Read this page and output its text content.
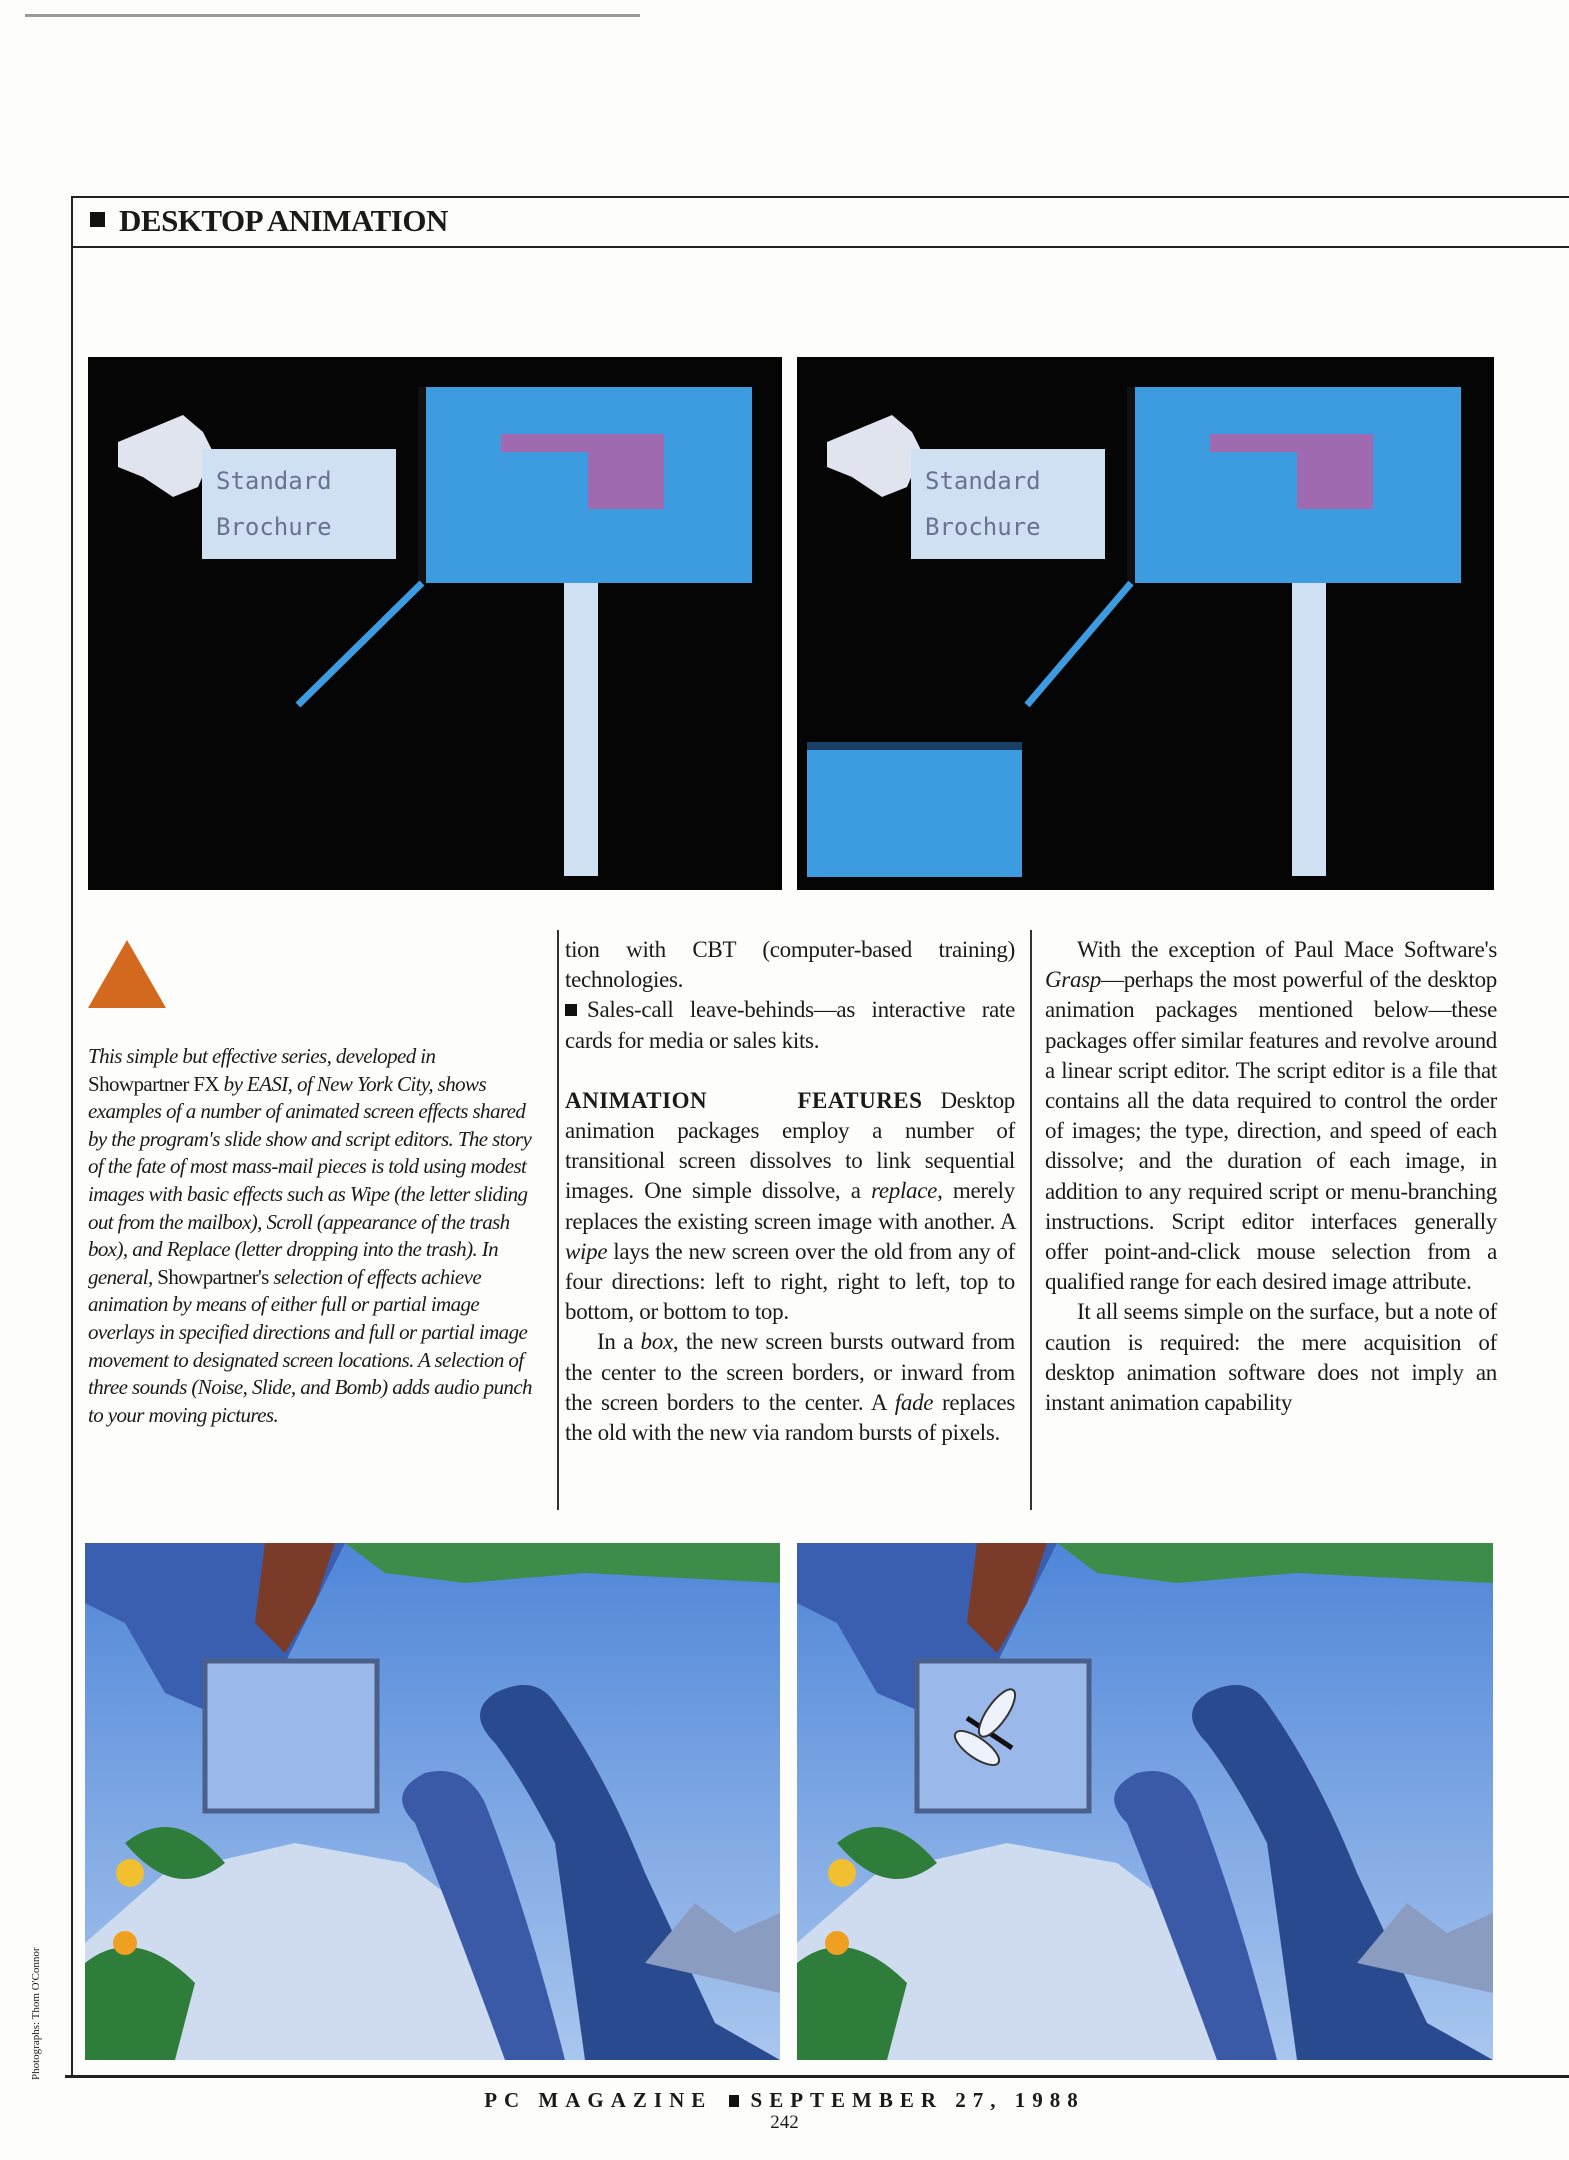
DESKTOP ANIMATION
Standard
Brochure
Standard
Brochure
This simple but effective series, developed in Showpartner FX by EASI, of New York City, shows examples of a number of animated screen effects shared by the program's slide show and script editors. The story of the fate of most mass-mail pieces is told using modest images with basic effects such as Wipe (the letter sliding out from the mailbox), Scroll (appearance of the trash box), and Replace (letter dropping into the trash). In general, Showpartner's selection of effects achieve animation by means of either full or partial image overlays in specified directions and full or partial image movement to designated screen locations. A selection of three sounds (Noise, Slide, and Bomb) adds audio punch to your moving pictures.

tion with CBT (computer-based training) technologies.

Sales-call leave-behinds—as interactive rate cards for media or sales kits.

ANIMATION FEATURES Desktop animation packages employ a number of transitional screen dissolves to link sequential images. One simple dissolve, a replace, merely replaces the existing screen image with another. A wipe lays the new screen over the old from any of four directions: left to right, right to left, top to bottom, or bottom to top.

In a box, the new screen bursts outward from the center to the screen borders, or inward from the screen borders to the center. A fade replaces the old with the new via random bursts of pixels.

With the exception of Paul Mace Software's Grasp—perhaps the most powerful of the desktop animation packages mentioned below—these packages offer similar features and revolve around a linear script editor. The script editor is a file that contains all the data required to control the order of images; the type, direction, and speed of each dissolve; and the duration of each image, in addition to any required script or menu-branching instructions. Script editor interfaces generally offer point-and-click mouse selection from a qualified range for each desired image attribute.

It all seems simple on the surface, but a note of caution is required: the mere acquisition of desktop animation software does not imply an instant animation capability

Photographs: Thom O'Connor
PC MAGAZINE SEPTEMBER 27, 1988
242
